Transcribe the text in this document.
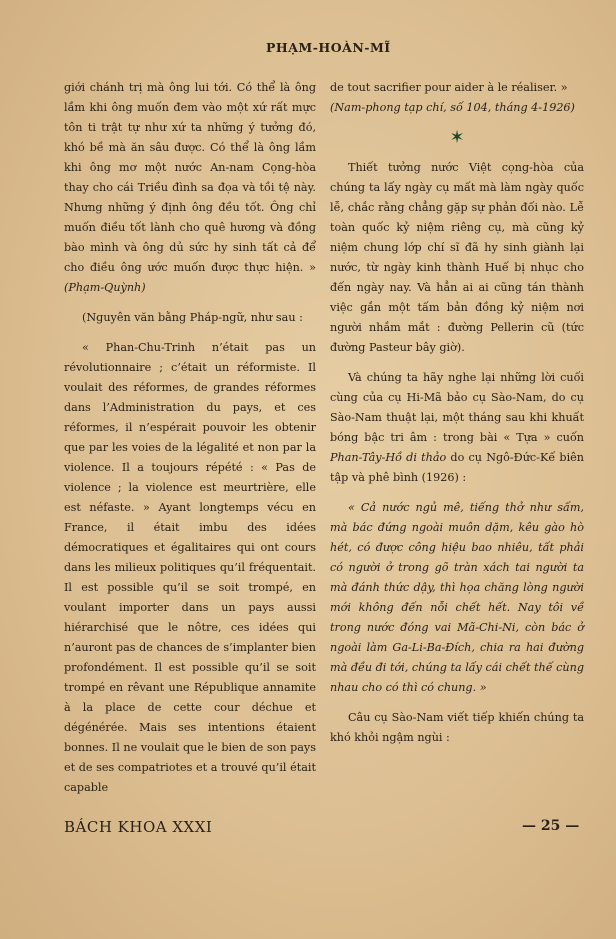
PHẠM-HOÀN-MĨ

giới chánh trị mà ông lui tới. Có thể là ông lầm khi ông muốn đem vào một xứ rất mực tôn ti trật tự như xứ ta những ý tưởng đó, khó bề mà ăn sâu được. Có thể là ông lầm khi ông mơ một nước An-nam Cọng-hòa thay cho cái Triều đình sa đọa và tồi tệ này. Nhưng những ý định ông đều tốt. Ông chỉ muốn điều tốt lành cho quê hương và đồng bào mình và ông dủ sức hy sinh tất cả để cho điều ông ước muốn được thực hiện. » (Phạm-Quỳnh)

(Nguyên văn bằng Pháp-ngữ, như sau :

« Phan-Chu-Trinh n’était pas un révolutionnaire ; c’était un réformiste. Il voulait des réformes, de grandes réformes dans l’Administration du pays, et ces réformes, il n’espérait pouvoir les obtenir que par les voies de la légalité et non par la violence. Il a toujours répété : « Pas de violence ; la violence est meurtrière, elle est néfaste. » Ayant longtemps vécu en France, il était imbu des idées démocratiques et égalitaires qui ont cours dans les milieux politiques qu’il fréquentait. Il est possible qu’il se soit trompé, en voulant importer dans un pays aussi hiérarchisé que le nôtre, ces idées qui n’auront pas de chances de s’implanter bien profondément. Il est possible qu’il se soit trompé en rêvant une République annamite à la place de cette cour déchue et dégénérée. Mais ses intentions étaient bonnes. Il ne voulait que le bien de son pays et de ses compatriotes et a trouvé qu’il était capable

de tout sacrifier pour aider à le réaliser. »

(Nam-phong tạp chí, số 104, tháng 4-1926)

✶

Thiết tưởng nước Việt cọng-hòa của chúng ta lấy ngày cụ mất mà làm ngày quốc lễ, chắc rằng chẳng gặp sự phản đối nào. Lễ toàn quốc kỷ niệm riêng cụ, mà cũng kỷ niệm chung lớp chí sĩ đã hy sinh giành lại nước, từ ngày kinh thành Huế bị nhục cho đến ngày nay. Và hẳn ai ai cũng tán thành việc gắn một tấm bản đồng kỷ niệm nơi người nhắm mắt : đường Pellerin cũ (tức đường Pasteur bây giờ).

Và chúng ta hãy nghe lại những lời cuối cùng của cụ Hi-Mã bảo cụ Sào-Nam, do cụ Sào-Nam thuật lại, một tháng sau khi khuất bóng bậc tri âm : trong bài « Tựa » cuốn Phan-Tây-Hồ di thảo do cụ Ngô-Đức-Kế biên tập và phê bình (1926) :

« Cả nước ngủ mê, tiếng thở như sấm, mà bác đứng ngoài muôn dặm, kêu gào hò hét, có được công hiệu bao nhiêu, tất phải có người ở trong gõ tràn xách tai người ta mà đánh thức dậy, thì họa chăng lòng người mới không đến nỗi chết hết. Nay tôi về trong nước đóng vai Mã-Chi-Ni, còn bác ở ngoài làm Ga-Li-Ba-Đích, chia ra hai đường mà đều đi tới, chúng ta lấy cái chết thế cùng nhau cho có thì có chung. »

Câu cụ Sào-Nam viết tiếp khiến chúng ta khó khỏi ngậm ngùi :

BÁCH KHOA XXXI	— 25 —
